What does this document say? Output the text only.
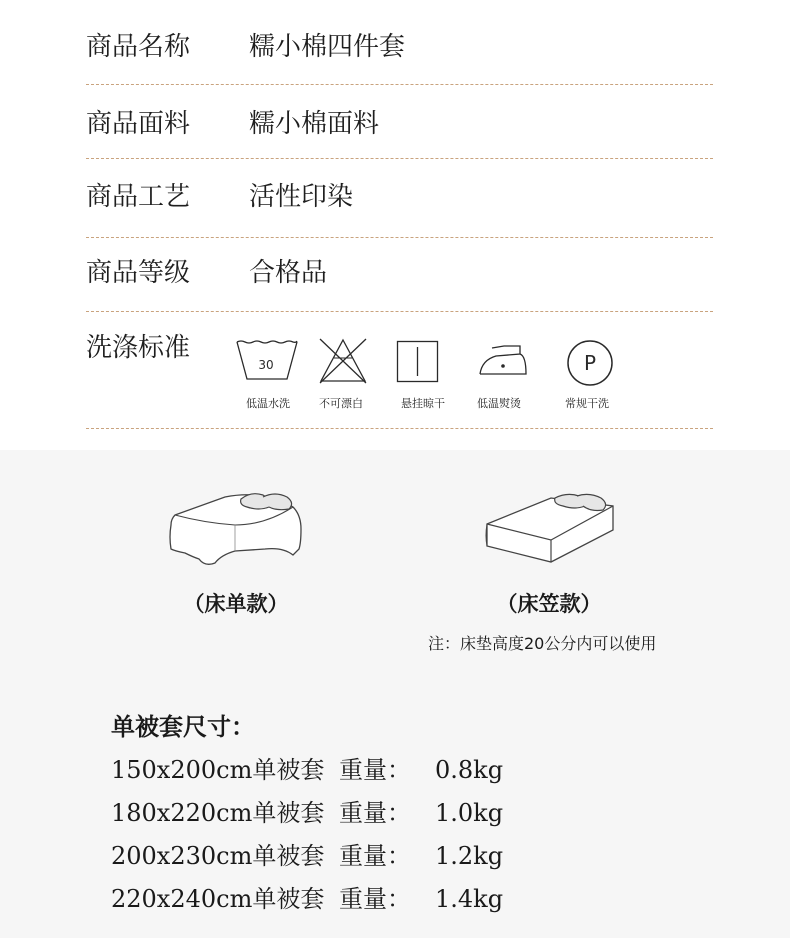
商品名称 糯小棉四件套
商品面料 糯小棉面料
商品工艺 活性印染
商品等级 合格品
洗涤标准
30	P
低温水洗	不可漂白	悬挂晾干	低温熨烫	常规干洗
（床单款）	（床笠款）
注：床垫高度20公分内可以使用
单被套尺寸：
150x200cm单被套 重量： 0.8kg
180x220cm单被套 重量： 1.0kg
200x230cm单被套 重量： 1.2kg
220x240cm单被套 重量： 1.4kg
